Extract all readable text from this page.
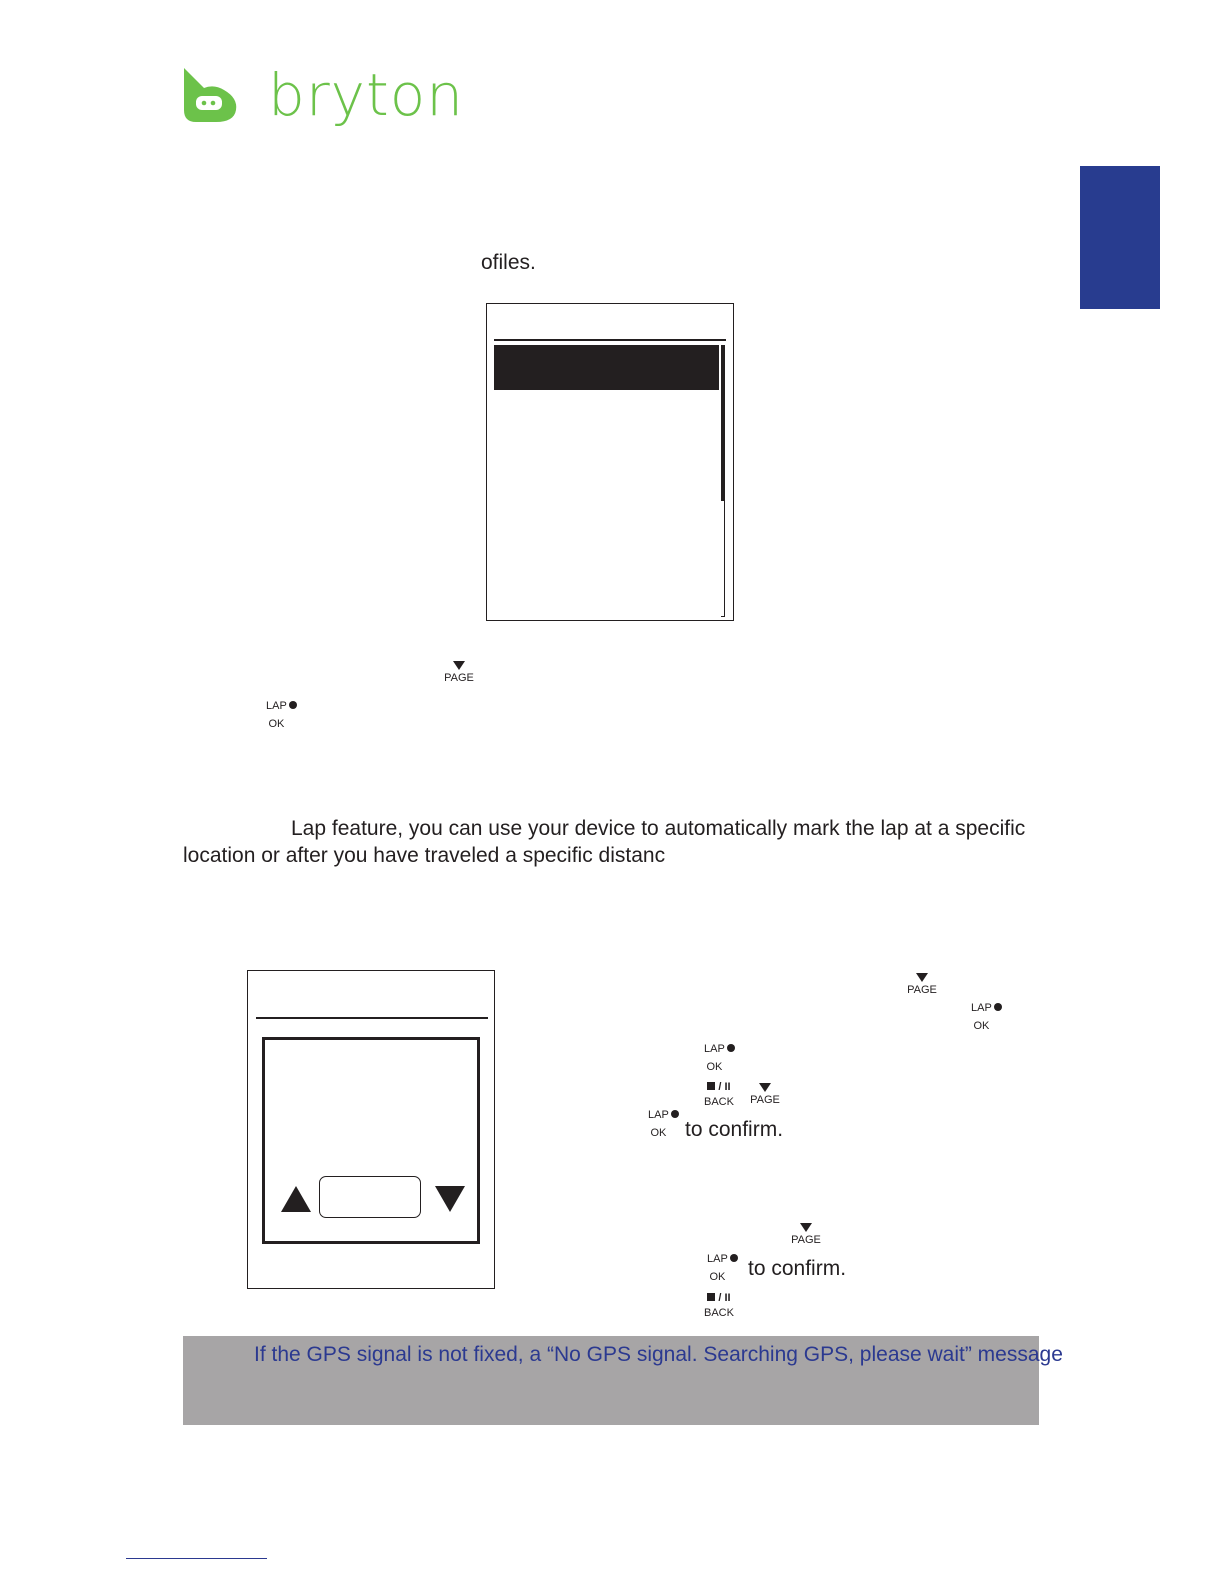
bryton
ofiles.
PAGE
LAP
OK
Lap feature, you can use your device to automatically mark the lap at a specific
location or after you have traveled a specific distanc
PAGE
LAP
OK
LAP
OK
/ II
BACK PAGE
LAP
OK to confirm.
PAGE
LAP
OK	to confirm.
/ II
BACK
If the GPS signal is not fixed, a “No GPS signal. Searching GPS, please wait” message
